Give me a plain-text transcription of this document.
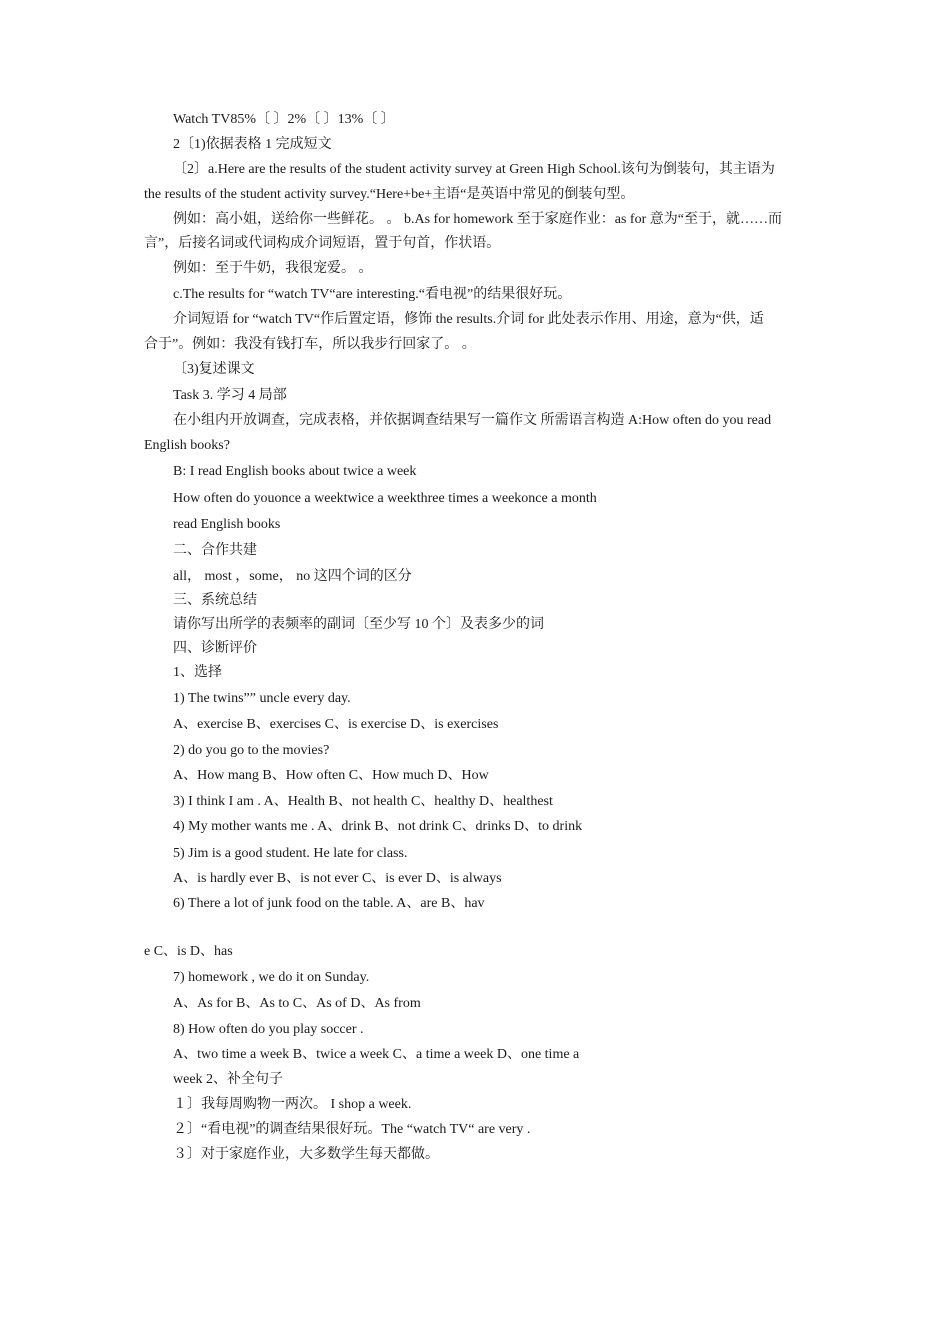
Watch TV85%〔 〕2%〔 〕13%〔 〕
2〔1)依据表格 1 完成短文
〔2〕a.Here are the results of the student activity survey at Green High School.该句为倒装句，其主语为
the results of the student activity survey.“Here+be+主语“是英语中常见的倒装句型。
例如：高小姐，送给你一些鲜花。 。 b.As for homework 至于家庭作业：as for 意为“至于，就……而
言”，后接名词或代词构成介词短语，置于句首，作状语。
例如：至于牛奶，我很宠爱。 。
c.The results for “watch TV“are interesting.“看电视”的结果很好玩。
介词短语 for “watch TV“作后置定语，修饰 the results.介词 for 此处表示作用、用途，意为“供，适
合于”。例如：我没有钱打车，所以我步行回家了。 。
〔3)复述课文
Task 3. 学习 4 局部
在小组内开放调查，完成表格，并依据调查结果写一篇作文 所需语言构造 A:How often do you read
English books?
B: I read English books about twice a week
How often do youonce a weektwice a weekthree times a weekonce a month
read English books
二、合作共建
all， most ，some， no 这四个词的区分
三、系统总结
请你写出所学的表频率的副词〔至少写 10 个〕及表多少的词
四、诊断评价
1、选择
1) The twins”” uncle every day.
A、exercise B、exercises C、is exercise D、is exercises
2) do you go to the movies?
A、How mang B、How often C、How much D、How
3) I think I am . A、Health B、not health C、healthy D、healthest
4) My mother wants me . A、drink B、not drink C、drinks D、to drink
5) Jim is a good student. He late for class.
A、is hardly ever B、is not ever C、is ever D、is always
6) There a lot of junk food on the table. A、are B、hav
e C、is D、has
7) homework , we do it on Sunday.
A、As for B、As to C、As of D、As from
8) How often do you play soccer .
A、two time a week B、twice a week C、a time a week D、one time a
week 2、补全句子
１〕我每周购物一两次。 I shop a week.
２〕“看电视”的调查结果很好玩。The “watch TV“ are very .
３〕对于家庭作业，大多数学生每天都做。
